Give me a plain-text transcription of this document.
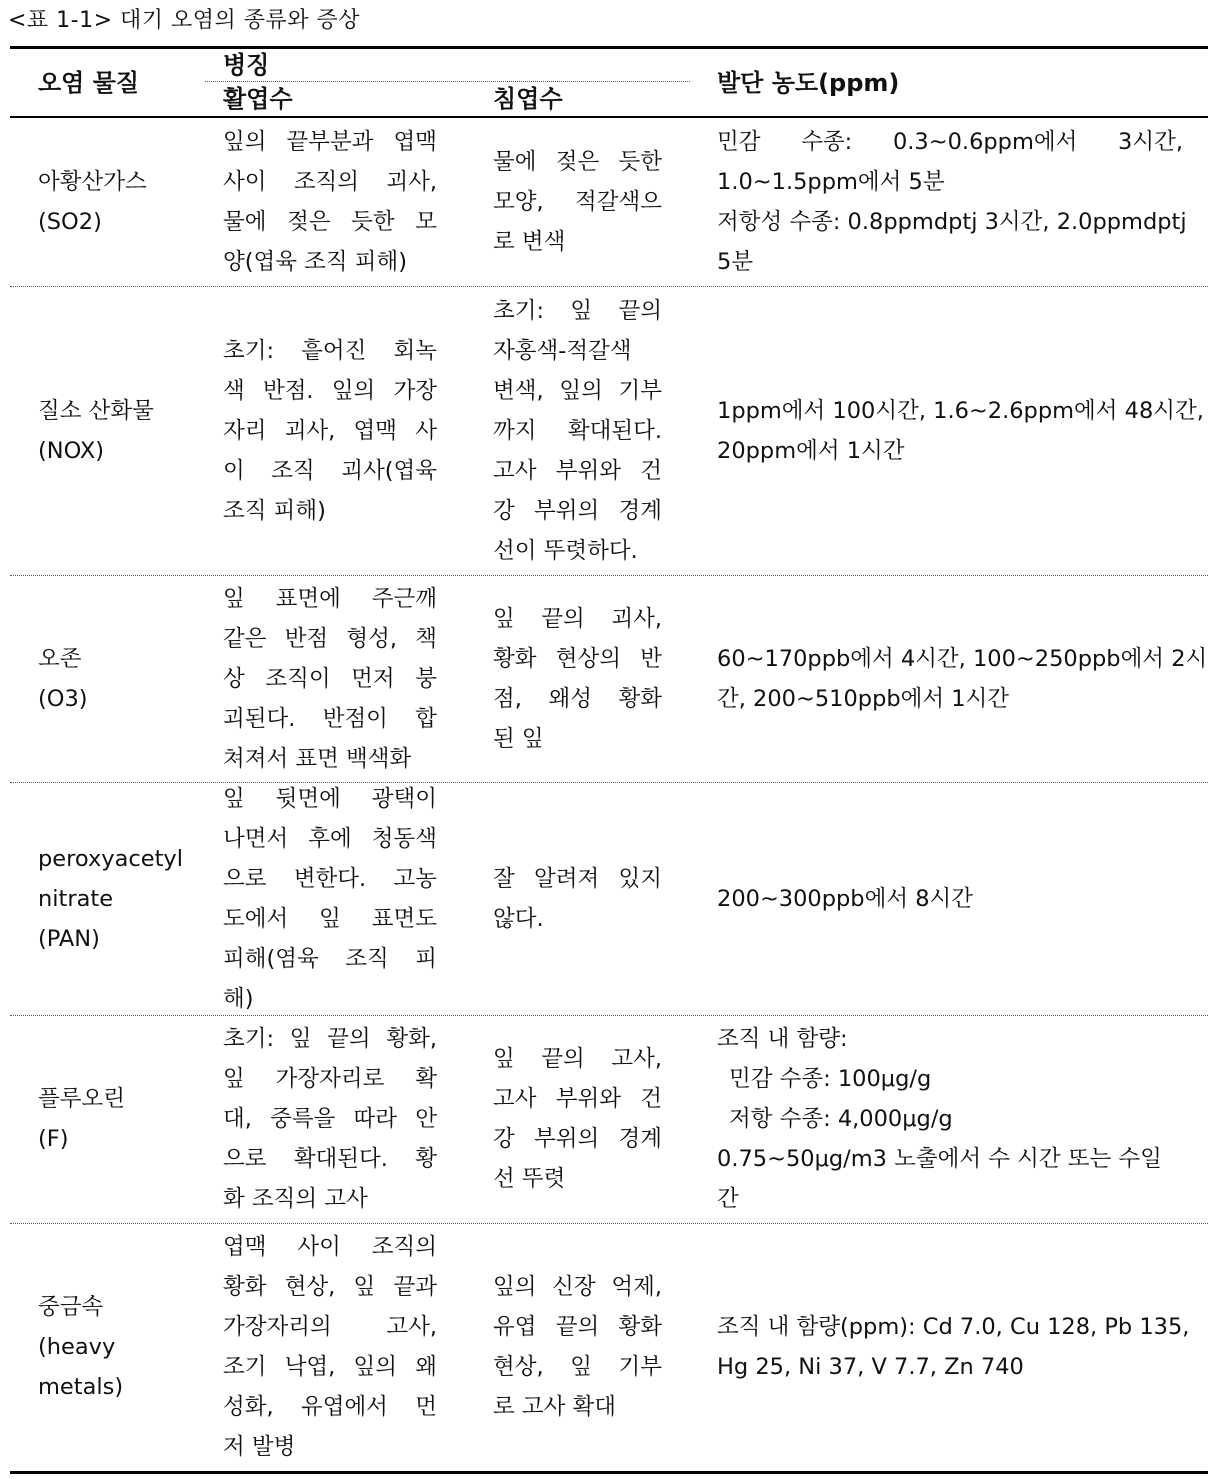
<표 1-1> 대기 오염의 종류와 증상
오염 물질
병징
활엽수	침엽수
발단 농도(ppm)
아황산가스
(SO2)
잎의 끝부분과 엽맥
사이 조직의 괴사,
물에 젖은 듯한 모
양(엽육 조직 피해)
물에 젖은 듯한
모양, 적갈색으
로 변색
민감 수종: 0.3~0.6ppm에서 3시간,
1.0~1.5ppm에서 5분
저항성 수종: 0.8ppmdptj 3시간, 2.0ppmdptj
5분
질소 산화물
(NOX)
초기: 흩어진 회녹
색 반점. 잎의 가장
자리 괴사, 엽맥 사
이 조직 괴사(엽육
조직 피해)
초기: 잎 끝의
자홍색-적갈색
변색, 잎의 기부
까지 확대된다.
고사 부위와 건
강 부위의 경계
선이 뚜렷하다.
1ppm에서 100시간, 1.6~2.6ppm에서 48시간,
20ppm에서 1시간
오존
(O3)
잎 표면에 주근깨
같은 반점 형성, 책
상 조직이 먼저 붕
괴된다. 반점이 합
쳐져서 표면 백색화
잎 끝의 괴사,
황화 현상의 반
점, 왜성 황화
된 잎
60~170ppb에서 4시간, 100~250ppb에서 2시
간, 200~510ppb에서 1시간
peroxyacetyl
nitrate
(PAN)
잎 뒷면에 광택이
나면서 후에 청동색
으로 변한다. 고농
도에서 잎 표면도
피해(염육 조직 피
해)
잘 알려져 있지
않다.
200~300ppb에서 8시간
플루오린
(F)
초기: 잎 끝의 황화,
잎 가장자리로 확
대, 중륵을 따라 안
으로 확대된다. 황
화 조직의 고사
잎 끝의 고사,
고사 부위와 건
강 부위의 경계
선 뚜렷
조직 내 함량:
민감 수종: 100μg/g
저항 수종: 4,000μg/g
0.75~50μg/m3 노출에서 수 시간 또는 수일
간
중금속
(heavy
metals)
엽맥 사이 조직의
황화 현상, 잎 끝과
가장자리의 고사,
조기 낙엽, 잎의 왜
성화, 유엽에서 먼
저 발병
잎의 신장 억제,
유엽 끝의 황화
현상, 잎 기부
로 고사 확대
조직 내 함량(ppm): Cd 7.0, Cu 128, Pb 135,
Hg 25, Ni 37, V 7.7, Zn 740
